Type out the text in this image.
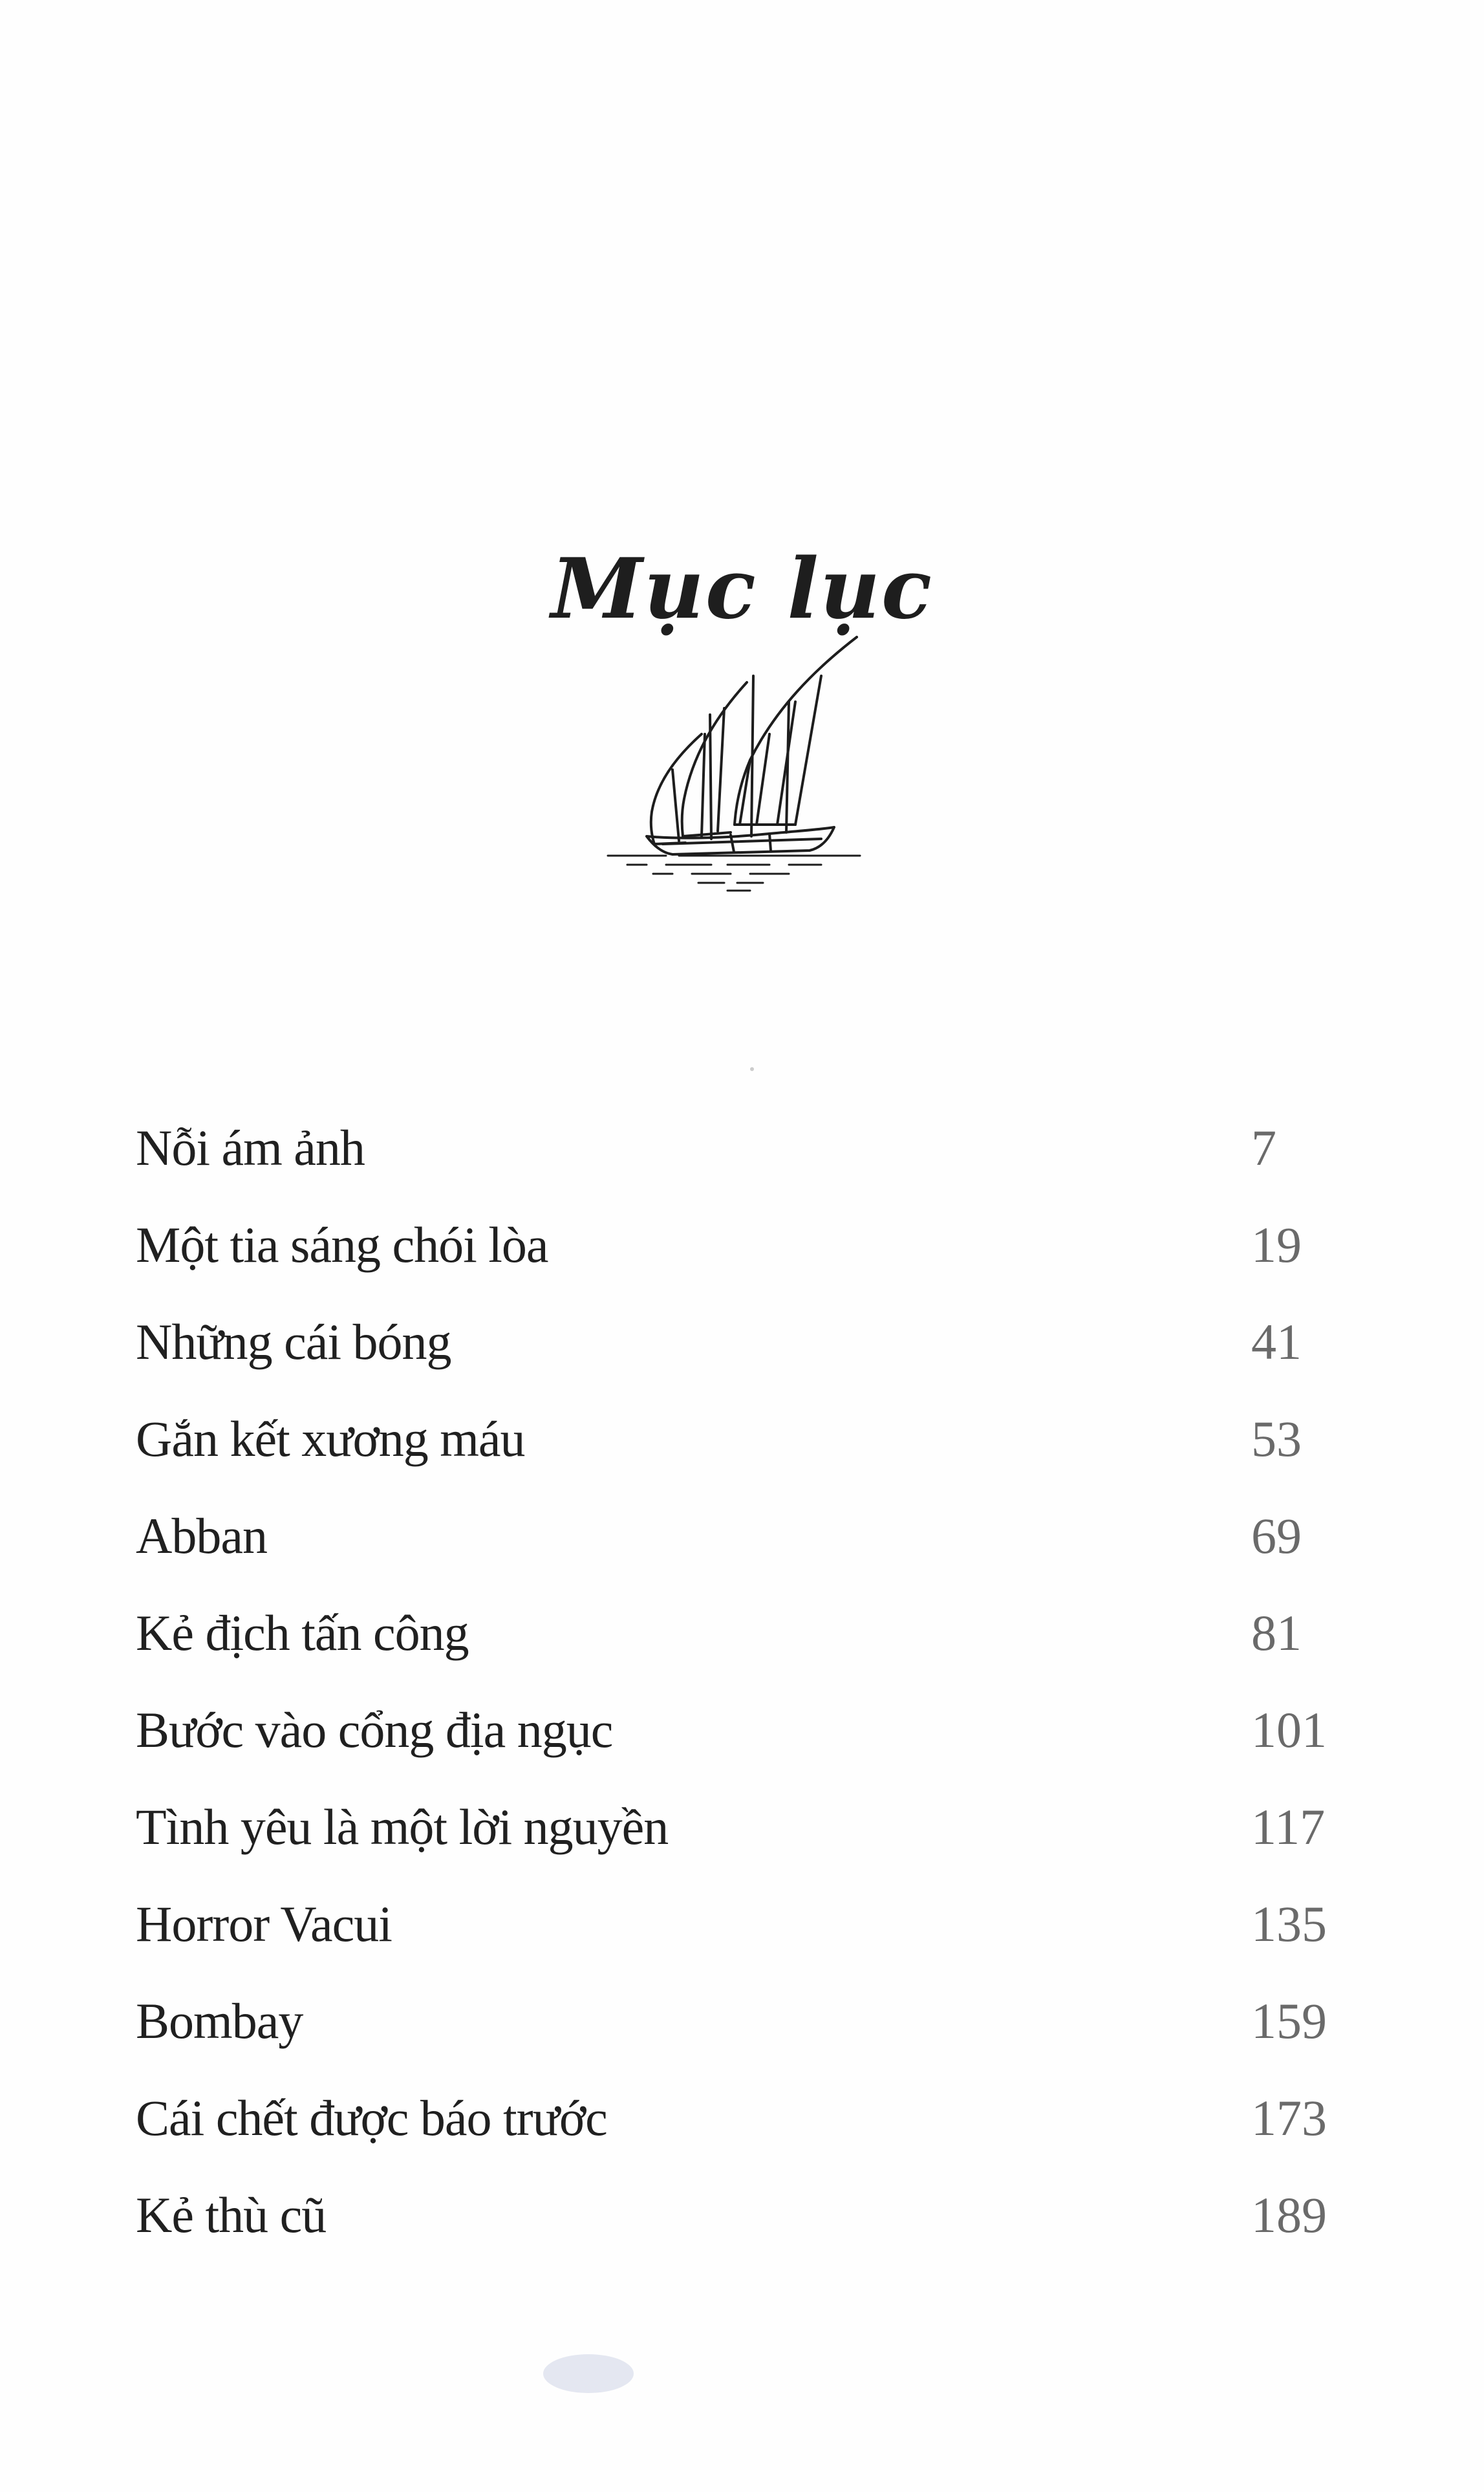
Mục lục
Nỗi ám ảnh	7
Một tia sáng chói lòa	19
Những cái bóng	41
Gắn kết xương máu	53
Abban	69
Kẻ địch tấn công	81
Bước vào cổng địa ngục	101
Tình yêu là một lời nguyền	117
Horror Vacui	135
Bombay	159
Cái chết được báo trước	173
Kẻ thù cũ	189
